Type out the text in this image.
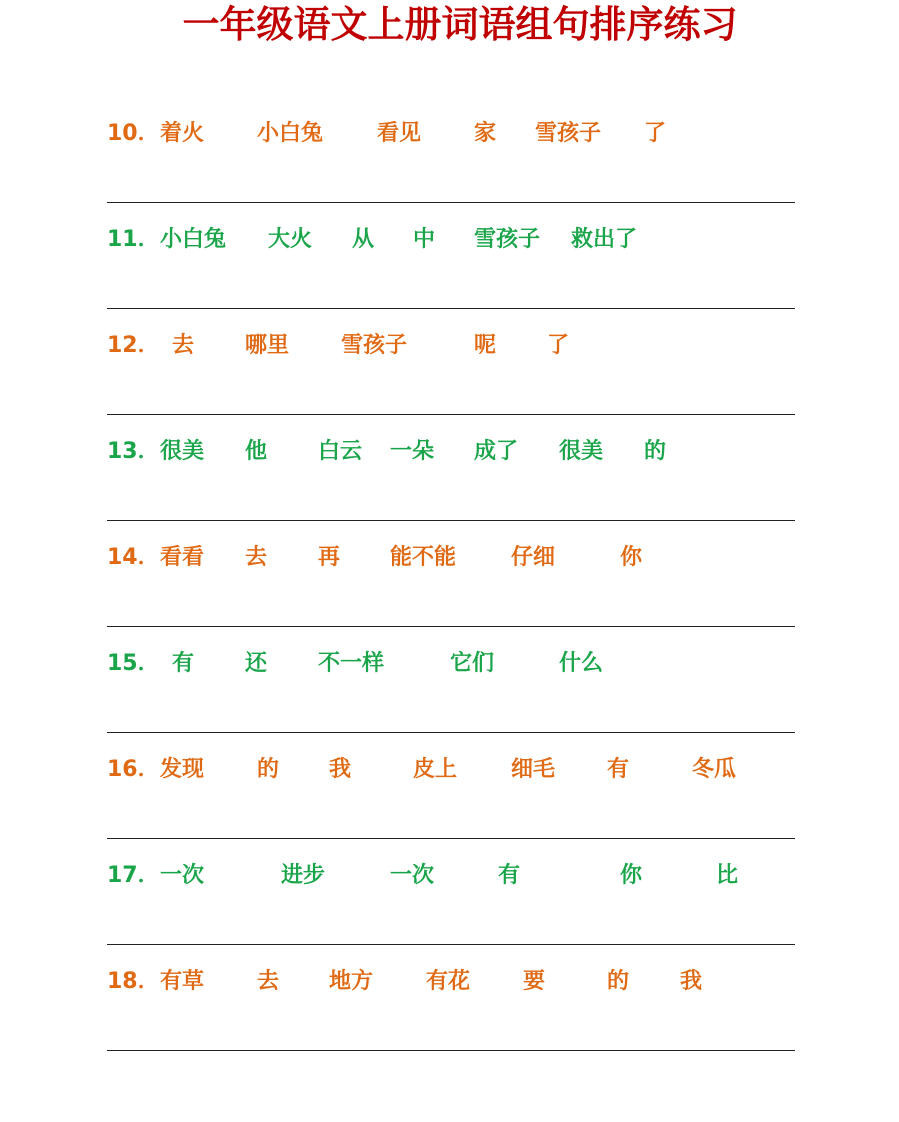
一年级语文上册词语组句排序练习
10． 着火 小白兔 看见 家 雪孩子 了
11． 小白兔 大火 从 中 雪孩子 救出了
12． 去 哪里 雪孩子	呢 了
13． 很美 他 白云 一朵 成了 很美 的
14． 看看 去 再 能不能 仔细	你
15． 有 还 不一样	它们	什么
16． 发现 的 我	皮上 细毛 有	冬瓜
17． 一次	进步	一次	有	你	比
18． 有草 去 地方 有花 要	的 我
